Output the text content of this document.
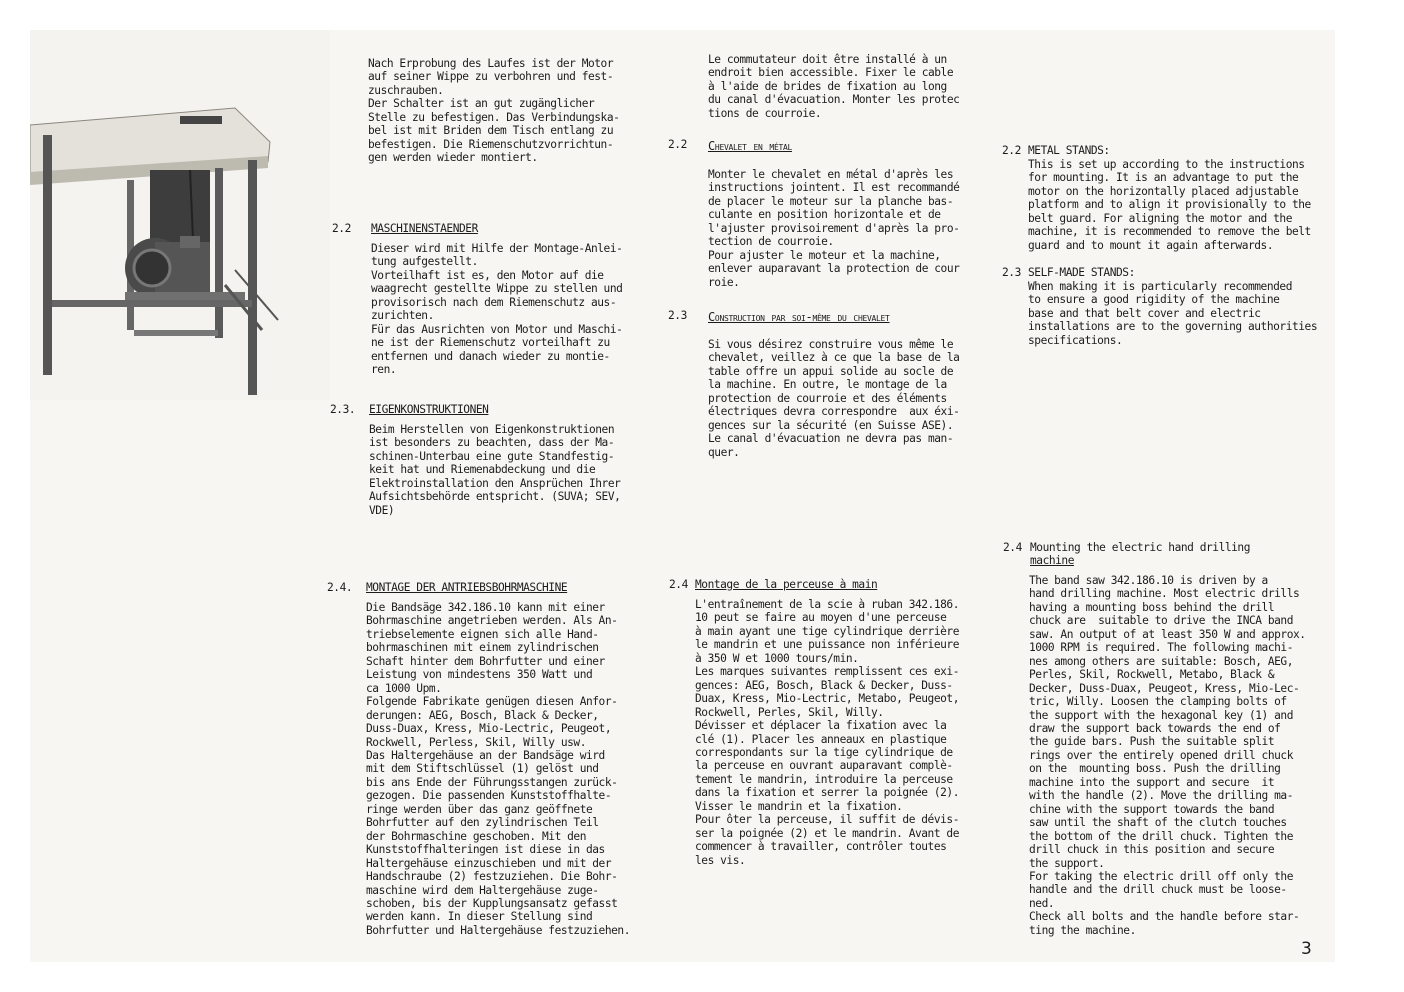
Nach Erprobung des Laufes ist der Motor
auf seiner Wippe zu verbohren und fest-
zuschrauben.
Der Schalter ist an gut zugänglicher
Stelle zu befestigen. Das Verbindungska-
bel ist mit Briden dem Tisch entlang zu
befestigen. Die Riemenschutzvorrichtun-
gen werden wieder montiert.
2.2 MASCHINENSTAENDER
Dieser wird mit Hilfe der Montage-Anlei-
tung aufgestellt.
Vorteilhaft ist es, den Motor auf die
waagrecht gestellte Wippe zu stellen und
provisorisch nach dem Riemenschutz aus-
zurichten.
Für das Ausrichten von Motor und Maschi-
ne ist der Riemenschutz vorteilhaft zu
entfernen und danach wieder zu montie-
ren.
2.3. EIGENKONSTRUKTIONEN
Beim Herstellen von Eigenkonstruktionen
ist besonders zu beachten, dass der Ma-
schinen-Unterbau eine gute Standfestig-
keit hat und Riemenabdeckung und die
Elektroinstallation den Ansprüchen Ihrer
Aufsichtsbehörde entspricht. (SUVA; SEV,
VDE)
2.4. MONTAGE DER ANTRIEBSBOHRMASCHINE
Die Bandsäge 342.186.10 kann mit einer
Bohrmaschine angetrieben werden. Als An-
triebselemente eignen sich alle Hand-
bohrmaschinen mit einem zylindrischen
Schaft hinter dem Bohrfutter und einer
Leistung von mindestens 350 Watt und
ca 1000 Upm.
Folgende Fabrikate genügen diesen Anfor-
derungen: AEG, Bosch, Black & Decker,
Duss-Duax, Kress, Mio-Lectric, Peugeot,
Rockwell, Perless, Skil, Willy usw.
Das Haltergehäuse an der Bandsäge wird
mit dem Stiftschlüssel (1) gelöst und
bis ans Ende der Führungsstangen zurück-
gezogen. Die passenden Kunststoffhalte-
ringe werden über das ganz geöffnete
Bohrfutter auf den zylindrischen Teil
der Bohrmaschine geschoben. Mit den
Kunststoffhalteringen ist diese in das
Haltergehäuse einzuschieben und mit der
Handschraube (2) festzuziehen. Die Bohr-
maschine wird dem Haltergehäuse zuge-
schoben, bis der Kupplungsansatz gefasst
werden kann. In dieser Stellung sind
Bohrfutter und Haltergehäuse festzuziehen.
Le commutateur doit être installé à un
endroit bien accessible. Fixer le cable
à l'aide de brides de fixation au long
du canal d'évacuation. Monter les protec
tions de courroie.
2.2 Chevalet en métal
Monter le chevalet en métal d'après les
instructions jointent. Il est recommandé
de placer le moteur sur la planche bas-
culante en position horizontale et de
l'ajuster provisoirement d'après la pro-
tection de courroie.
Pour ajuster le moteur et la machine,
enlever auparavant la protection de cour
roie.
2.3 Construction par soi-même du chevalet
Si vous désirez construire vous même le
chevalet, veillez à ce que la base de la
table offre un appui solide au socle de
la machine. En outre, le montage de la
protection de courroie et des éléments
électriques devra correspondre  aux éxi-
gences sur la sécurité (en Suisse ASE).
Le canal d'évacuation ne devra pas man-
quer.
2.4 Montage de la perceuse à main
L'entraînement de la scie à ruban 342.186.
10 peut se faire au moyen d'une perceuse
à main ayant une tige cylindrique derrière
le mandrin et une puissance non inférieure
à 350 W et 1000 tours/min.
Les marques suivantes remplissent ces exi-
gences: AEG, Bosch, Black & Decker, Duss-
Duax, Kress, Mio-Lectric, Metabo, Peugeot,
Rockwell, Perles, Skil, Willy.
Dévisser et déplacer la fixation avec la
clé (1). Placer les anneaux en plastique
correspondants sur la tige cylindrique de
la perceuse en ouvrant auparavant complè-
tement le mandrin, introduire la perceuse
dans la fixation et serrer la poignée (2).
Visser le mandrin et la fixation.
Pour ôter la perceuse, il suffit de dévis-
ser la poignée (2) et le mandrin. Avant de
commencer à travailler, contrôler toutes
les vis.
2.2 METAL STANDS:
This is set up according to the instructions
for mounting. It is an advantage to put the
motor on the horizontally placed adjustable
platform and to align it provisionally to the
belt guard. For aligning the motor and the
machine, it is recommended to remove the belt
guard and to mount it again afterwards.
2.3 SELF-MADE STANDS:
When making it is particularly recommended
to ensure a good rigidity of the machine
base and that belt cover and electric
installations are to the governing authorities
specifications.
2.4 Mounting the electric hand drilling
machine
The band saw 342.186.10 is driven by a
hand drilling machine. Most electric drills
having a mounting boss behind the drill
chuck are  suitable to drive the INCA band
saw. An output of at least 350 W and approx.
1000 RPM is required. The following machi-
nes among others are suitable: Bosch, AEG,
Perles, Skil, Rockwell, Metabo, Black &
Decker, Duss-Duax, Peugeot, Kress, Mio-Lec-
tric, Willy. Loosen the clamping bolts of
the support with the hexagonal key (1) and
draw the support back towards the end of
the guide bars. Push the suitable split
rings over the entirely opened drill chuck
on the  mounting boss. Push the drilling
machine into the support and secure  it
with the handle (2). Move the drilling ma-
chine with the support towards the band
saw until the shaft of the clutch touches
the bottom of the drill chuck. Tighten the
drill chuck in this position and secure
the support.
For taking the electric drill off only the
handle and the drill chuck must be loose-
ned.
Check all bolts and the handle before star-
ting the machine.
3
